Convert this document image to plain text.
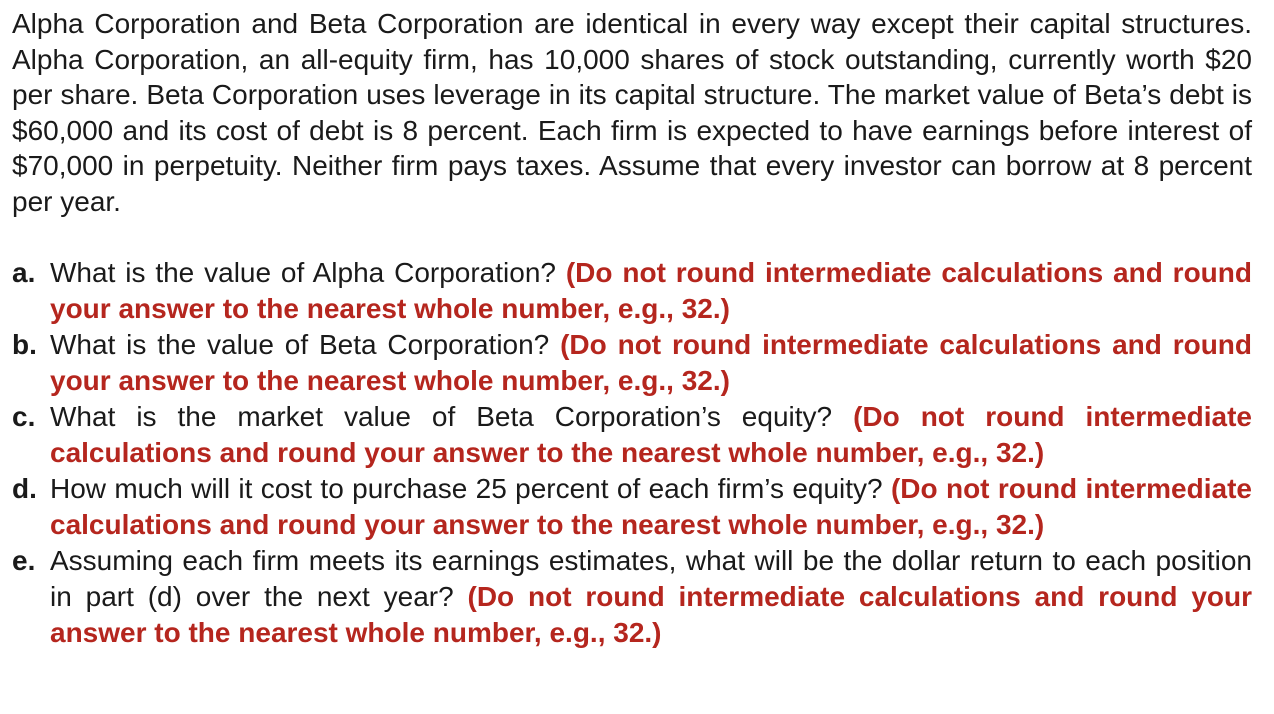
Alpha Corporation and Beta Corporation are identical in every way except their capital structures. Alpha Corporation, an all-equity firm, has 10,000 shares of stock outstanding, currently worth $20 per share. Beta Corporation uses leverage in its capital structure. The market value of Beta’s debt is $60,000 and its cost of debt is 8 percent. Each firm is expected to have earnings before interest of $70,000 in perpetuity. Neither firm pays taxes. Assume that every investor can borrow at 8 percent per year.

a. What is the value of Alpha Corporation? (Do not round intermediate calculations and round your answer to the nearest whole number, e.g., 32.)
b. What is the value of Beta Corporation? (Do not round intermediate calculations and round your answer to the nearest whole number, e.g., 32.)
c. What is the market value of Beta Corporation’s equity? (Do not round intermediate calculations and round your answer to the nearest whole number, e.g., 32.)
d. How much will it cost to purchase 25 percent of each firm’s equity? (Do not round intermediate calculations and round your answer to the nearest whole number, e.g., 32.)
e. Assuming each firm meets its earnings estimates, what will be the dollar return to each position in part (d) over the next year? (Do not round intermediate calculations and round your answer to the nearest whole number, e.g., 32.)
